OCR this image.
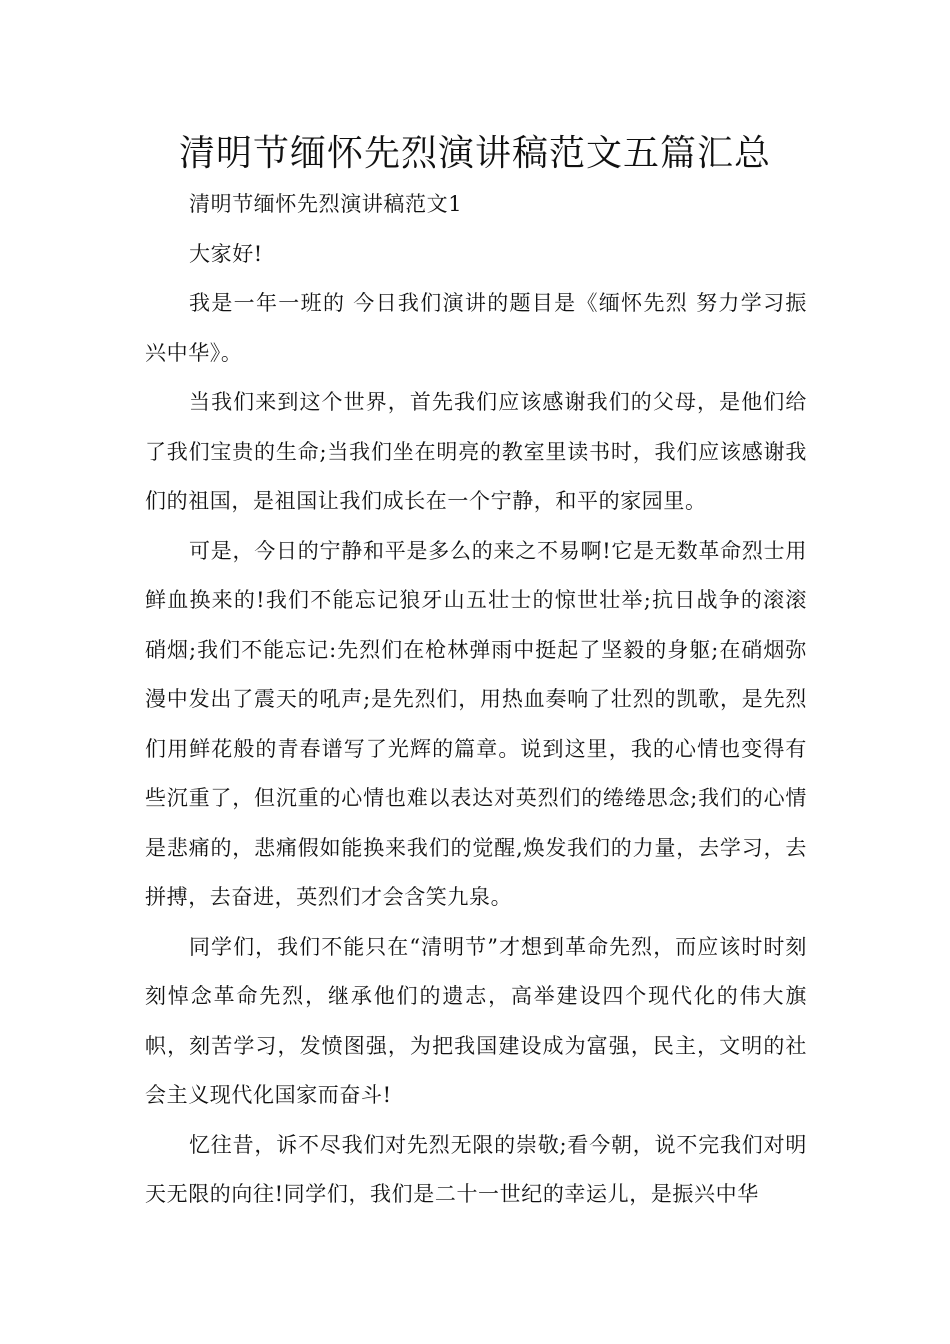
清明节缅怀先烈演讲稿范文五篇汇总

清明节缅怀先烈演讲稿范文1

大家好!

我是一年一班的 今日我们演讲的题目是《缅怀先烈 努力学习振兴中华》。

当我们来到这个世界，首先我们应该感谢我们的父母，是他们给了我们宝贵的生命;当我们坐在明亮的教室里读书时，我们应该感谢我们的祖国，是祖国让我们成长在一个宁静，和平的家园里。

可是，今日的宁静和平是多么的来之不易啊!它是无数革命烈士用鲜血换来的!我们不能忘记狼牙山五壮士的惊世壮举;抗日战争的滚滚硝烟;我们不能忘记:先烈们在枪林弹雨中挺起了坚毅的身躯;在硝烟弥漫中发出了震天的吼声;是先烈们，用热血奏响了壮烈的凯歌，是先烈们用鲜花般的青春谱写了光辉的篇章。说到这里，我的心情也变得有些沉重了，但沉重的心情也难以表达对英烈们的绻绻思念;我们的心情是悲痛的，悲痛假如能换来我们的觉醒,焕发我们的力量，去学习，去拼搏，去奋进，英烈们才会含笑九泉。

同学们，我们不能只在“清明节”才想到革命先烈，而应该时时刻刻悼念革命先烈，继承他们的遗志，高举建设四个现代化的伟大旗帜，刻苦学习，发愤图强，为把我国建设成为富强，民主，文明的社会主义现代化国家而奋斗!

忆往昔，诉不尽我们对先烈无限的崇敬;看今朝，说不完我们对明天无限的向往!同学们，我们是二十一世纪的幸运儿，是振兴中华
